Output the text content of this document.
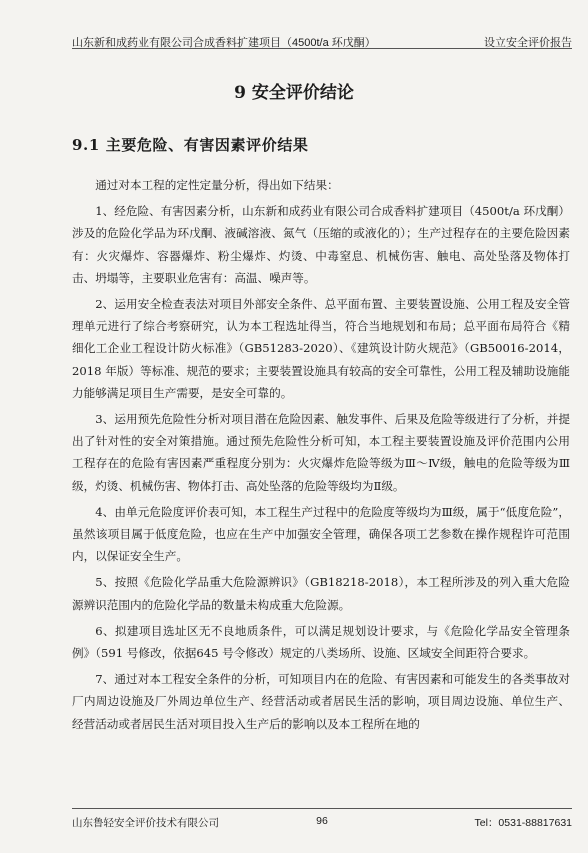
山东新和成药业有限公司合成香料扩建项目（4500t/a 环戊酮）	设立安全评价报告
9 安全评价结论
9.1 主要危险、有害因素评价结果

通过对本工程的定性定量分析，得出如下结果：

1、经危险、有害因素分析，山东新和成药业有限公司合成香料扩建项目（4500t/a 环戊酮）涉及的危险化学品为环戊酮、液碱溶液、氮气（压缩的或液化的）；生产过程存在的主要危险因素有：火灾爆炸、容器爆炸、粉尘爆炸、灼烫、中毒窒息、机械伤害、触电、高处坠落及物体打击、坍塌等，主要职业危害有：高温、噪声等。

2、运用安全检查表法对项目外部安全条件、总平面布置、主要装置设施、公用工程及安全管理单元进行了综合考察研究，认为本工程选址得当，符合当地规划和布局；总平面布局符合《精细化工企业工程设计防火标准》（GB51283-2020）、《建筑设计防火规范》（GB50016-2014，2018 年版）等标准、规范的要求；主要装置设施具有较高的安全可靠性，公用工程及辅助设施能力能够满足项目生产需要，是安全可靠的。

3、运用预先危险性分析对项目潜在危险因素、触发事件、后果及危险等级进行了分析，并提出了针对性的安全对策措施。通过预先危险性分析可知，本工程主要装置设施及评价范围内公用工程存在的危险有害因素严重程度分别为：火灾爆炸危险等级为Ⅲ～Ⅳ级，触电的危险等级为Ⅲ级，灼烫、机械伤害、物体打击、高处坠落的危险等级均为Ⅱ级。

4、由单元危险度评价表可知，本工程生产过程中的危险度等级均为Ⅲ级，属于“低度危险”，虽然该项目属于低度危险，也应在生产中加强安全管理，确保各项工艺参数在操作规程许可范围内，以保证安全生产。

5、按照《危险化学品重大危险源辨识》（GB18218-2018），本工程所涉及的列入重大危险源辨识范围内的危险化学品的数量未构成重大危险源。

6、拟建项目选址区无不良地质条件，可以满足规划设计要求，与《危险化学品安全管理条例》（591 号修改，依据645 号令修改）规定的八类场所、设施、区域安全间距符合要求。

7、通过对本工程安全条件的分析，可知项目内在的危险、有害因素和可能发生的各类事故对厂内周边设施及厂外周边单位生产、经营活动或者居民生活的影响，项目周边设施、单位生产、经营活动或者居民生活对项目投入生产后的影响以及本工程所在地的

山东鲁轻安全评价技术有限公司	96	Tel：0531-88817631
